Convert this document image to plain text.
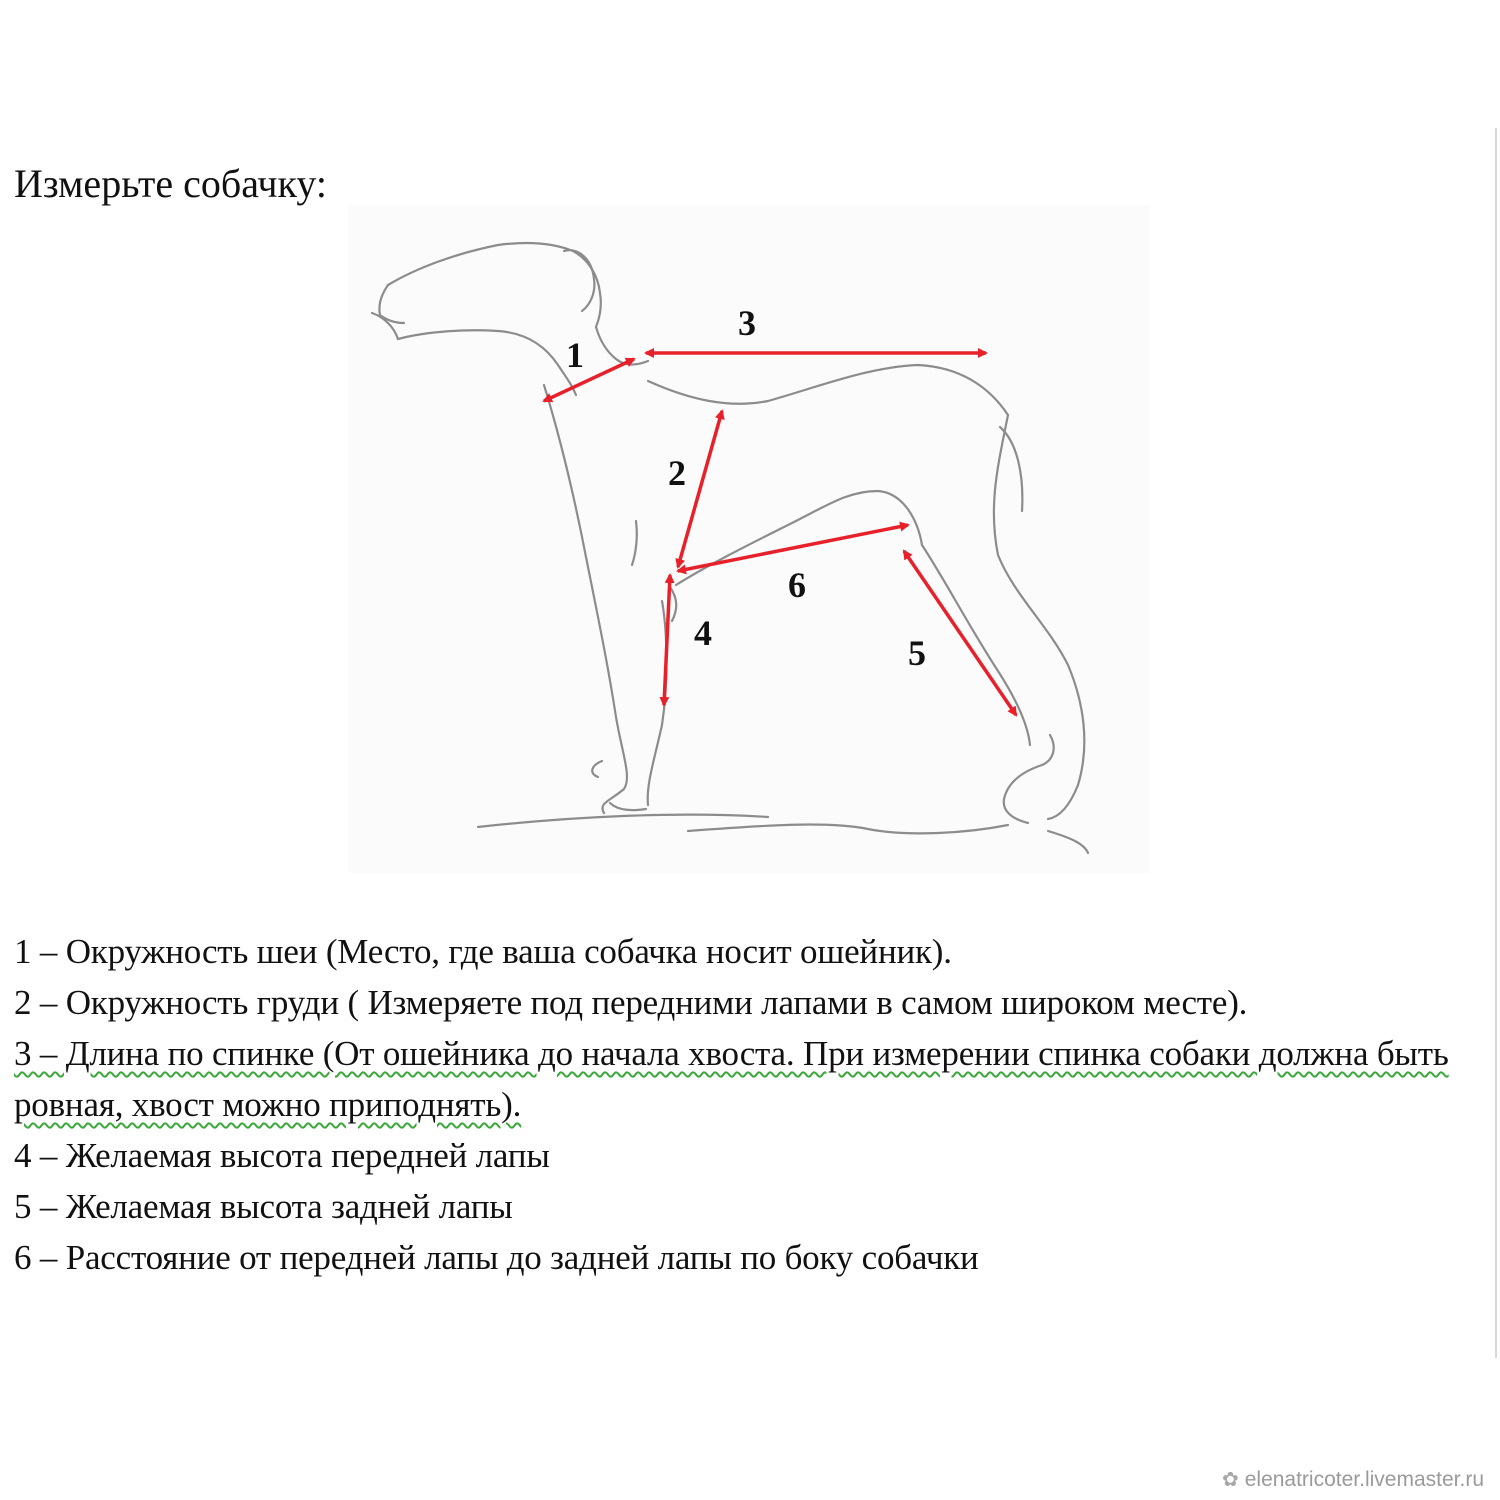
Измерьте собачку:
1
2
3
4	5
6
1 – Окружность шеи (Место, где ваша собачка носит ошейник).
2 – Окружность груди ( Измеряете под передними лапами в самом широком месте).
3 – Длина по спинке (От ошейника до начала хвоста. При измерении спинка собаки должна быть ровная, хвост можно приподнять).
4 – Желаемая высота передней лапы
5 – Желаемая высота задней лапы
6 – Расстояние от передней лапы до задней лапы по боку собачки
✿ elenatricoter.livemaster.ru
